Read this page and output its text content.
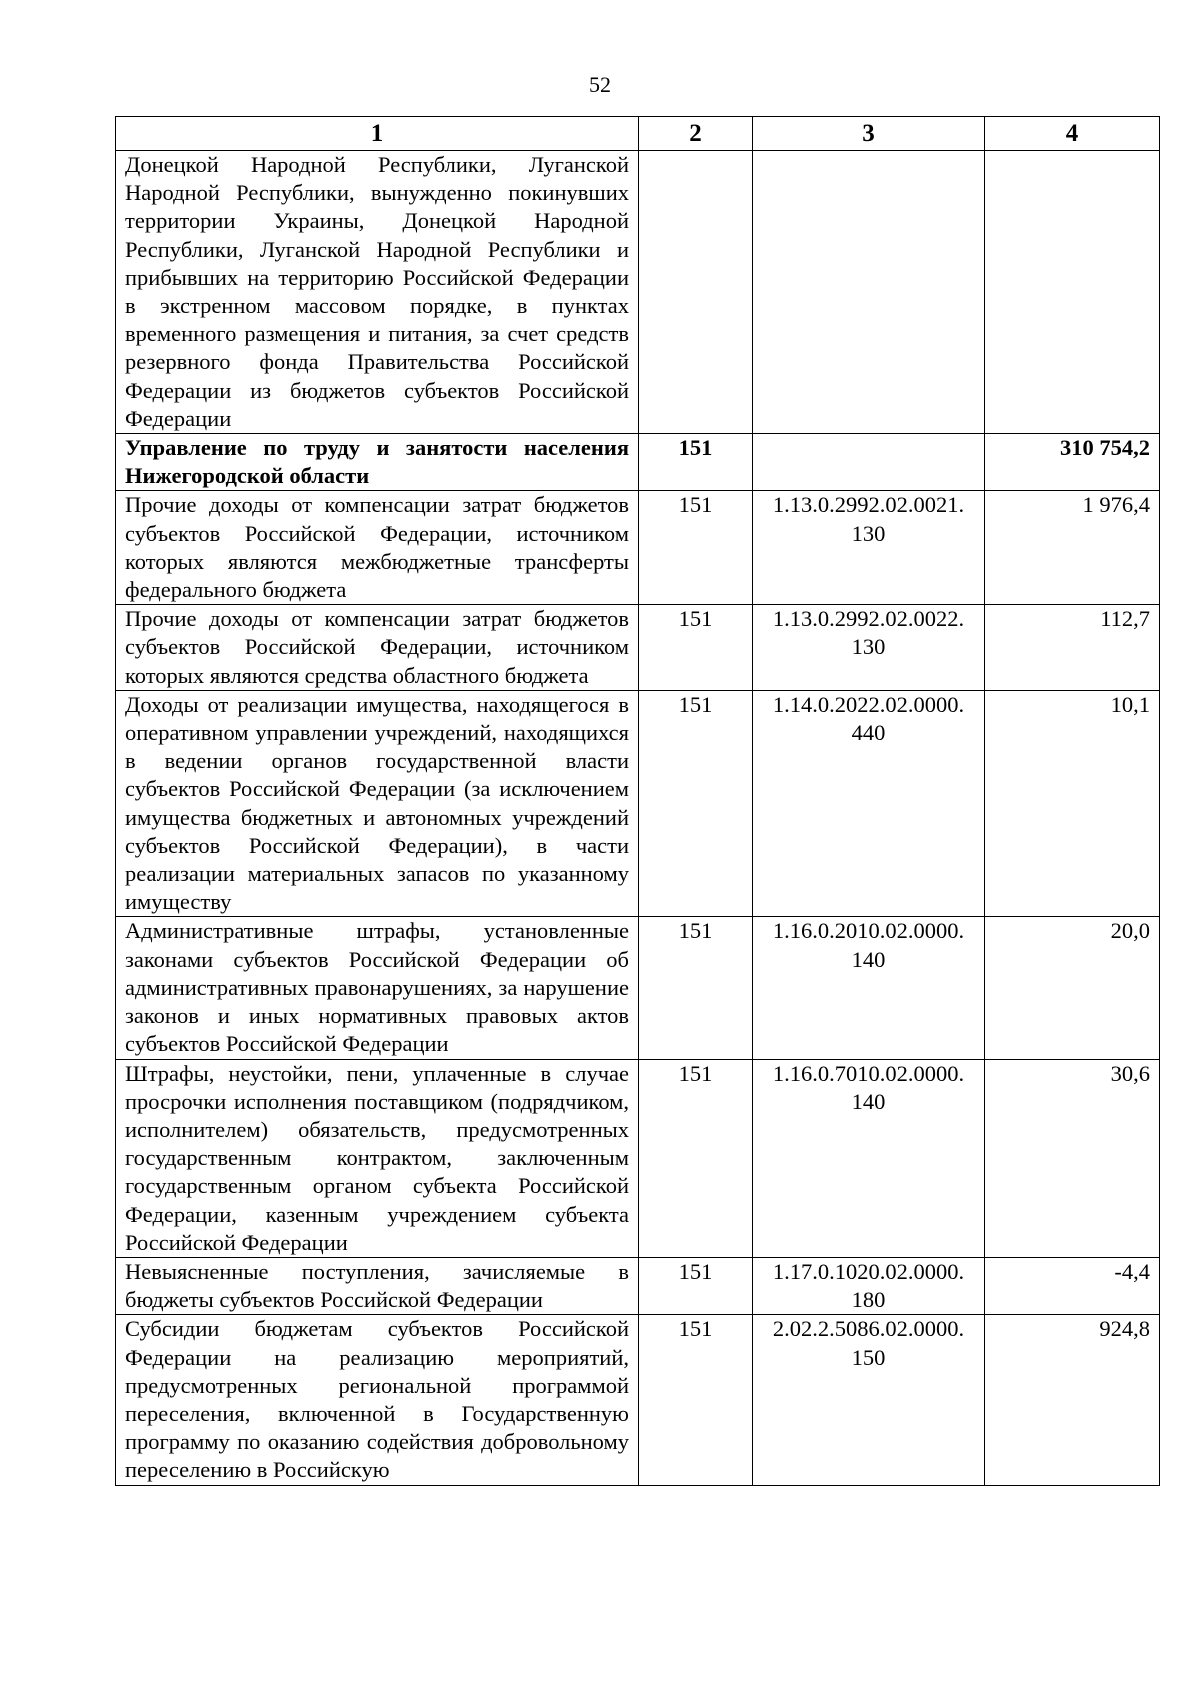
52
1	2	3	4
Донецкой Народной Республики, Луганской Народной Республики, вынужденно покинувших территории Украины, Донецкой Народной Республики, Луганской Народной Республики и прибывших на территорию Российской Федерации в экстренном массовом порядке, в пунктах временного размещения и питания, за счет средств резервного фонда Правительства Российской Федерации из бюджетов субъектов Российской Федерации			
Управление по труду и занятости населения Нижегородской области	151		310 754,2
Прочие доходы от компенсации затрат бюджетов субъектов Российской Федерации, источником которых являются межбюджетные трансферты федерального бюджета	151	1.13.0.2992.02.0021. 130	1 976,4
Прочие доходы от компенсации затрат бюджетов субъектов Российской Федерации, источником которых являются средства областного бюджета	151	1.13.0.2992.02.0022. 130	112,7
Доходы от реализации имущества, находящегося в оперативном управлении учреждений, находящихся в ведении органов государственной власти субъектов Российской Федерации (за исключением имущества бюджетных и автономных учреждений субъектов Российской Федерации), в части реализации материальных запасов по указанному имуществу	151	1.14.0.2022.02.0000. 440	10,1
Административные штрафы, установленные законами субъектов Российской Федерации об административных правонарушениях, за нарушение законов и иных нормативных правовых актов субъектов Российской Федерации	151	1.16.0.2010.02.0000. 140	20,0
Штрафы, неустойки, пени, уплаченные в случае просрочки исполнения поставщиком (подрядчиком, исполнителем) обязательств, предусмотренных государственным контрактом, заключенным государственным органом субъекта Российской Федерации, казенным учреждением субъекта Российской Федерации	151	1.16.0.7010.02.0000. 140	30,6
Невыясненные поступления, зачисляемые в бюджеты субъектов Российской Федерации	151	1.17.0.1020.02.0000. 180	-4,4
Субсидии бюджетам субъектов Российской Федерации на реализацию мероприятий, предусмотренных региональной программой переселения, включенной в Государственную программу по оказанию содействия добровольному переселению в Российскую	151	2.02.2.5086.02.0000. 150	924,8
